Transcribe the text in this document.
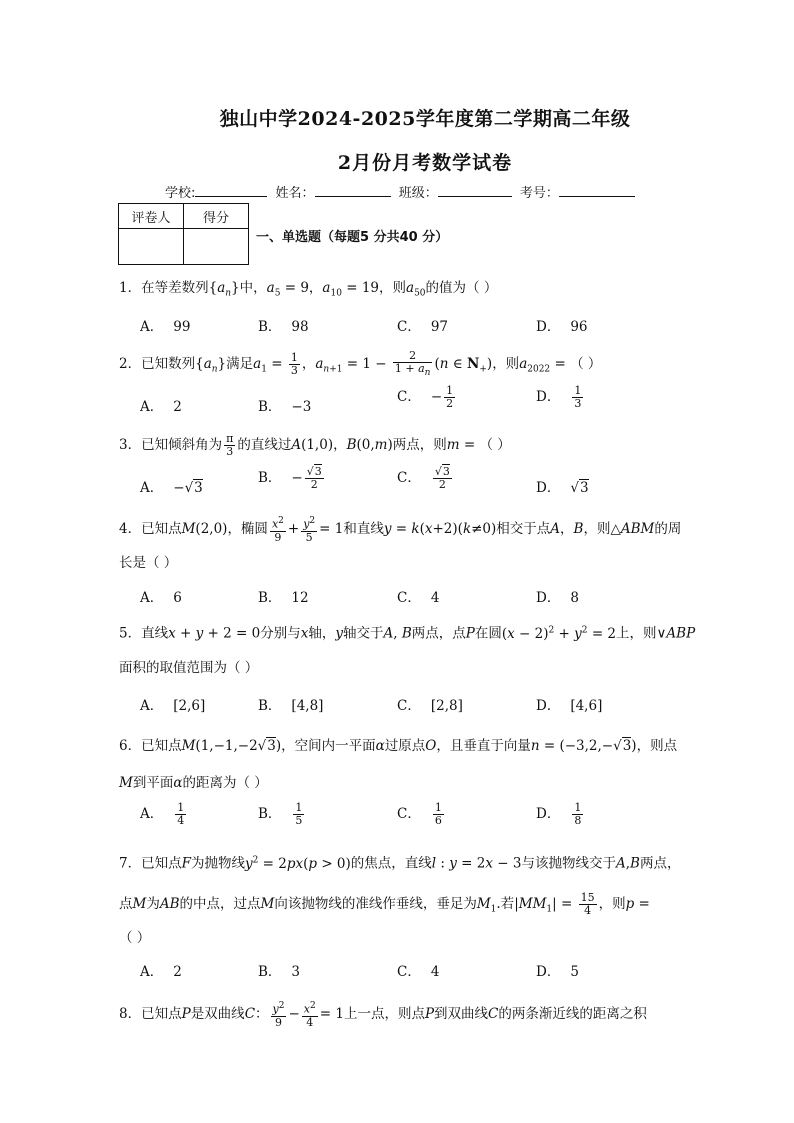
独山中学2024-2025学年度第二学期高二年级
2月份月考数学试卷
学校:	姓名：	班级：	考号：
评卷人	得分

一、单选题（每题5 分共40 分）
1．在等差数列$\{a_n\}$中，$a_5 = 9$，$a_{10} = 19$，则$a_{50}$的值为（ ）
A． 99	B． 98	C． 97	D． 96
2．已知数列$\{a_n\}$满足$a_1 = \frac{1}{3}$ ，$a_{n+1} = 1 - \frac{2}{1 + a_n} (n$ ∈ $N_+$)，则$a_{2022}$ = （ ）
A． 2	B． −3
C． − $\frac{1}{2}$	D． $\frac{1}{3}$
3．已知倾斜角为 $\frac{\pi}{3}$ 的直线过A(1,0)，B(0,m)两点，则m = （ ）
A． −√3
B． − $\frac{√3}{2}$	C． $\frac{√3}{2}$	D． √3
4．已知点M(2,0)，椭圆 $\frac{x^2}{9} + \frac{y^2}{5} = 1$和直线y = k(x+2)(k≠0)相交于点A，B，则△ABM的周
长是（ ）
A． 6	B． 12	C． 4	D． 8
5．直线x + y + 2 = 0分别与x轴，y轴交于A, B两点，点P在圆$(x - 2)^2 + y^2 = 2$上，则∨ABP
面积的取值范围为（ ）
A． [2,6]	B． [4,8]	C． [2,8]	D． [4,6]
6．已知点M(1,−1,−2√3)，空间内一平面α过原点O，且垂直于向量n = (−3,2,−√3)，则点
M到平面α的距离为（ ）
A． $\frac{1}{4}$	B． $\frac{1}{5}$	C． $\frac{1}{6}$	D． $\frac{1}{8}$
7．已知点F为抛物线$y^2 = 2px(p > 0)$的焦点，直线l : y = 2x − 3与该抛物线交于A,B两点，
点M为AB的中点，过点M向该抛物线的准线作垂线，垂足为$M_1$.若$|MM_1| = \frac{15}{4}$ ，则p =
（ ）
A． 2	B． 3	C． 4	D． 5
8．已知点P是双曲线C： $\frac{y^2}{9} - \frac{x^2}{4} = 1$上一点，则点P到双曲线C的两条渐近线的距离之积
